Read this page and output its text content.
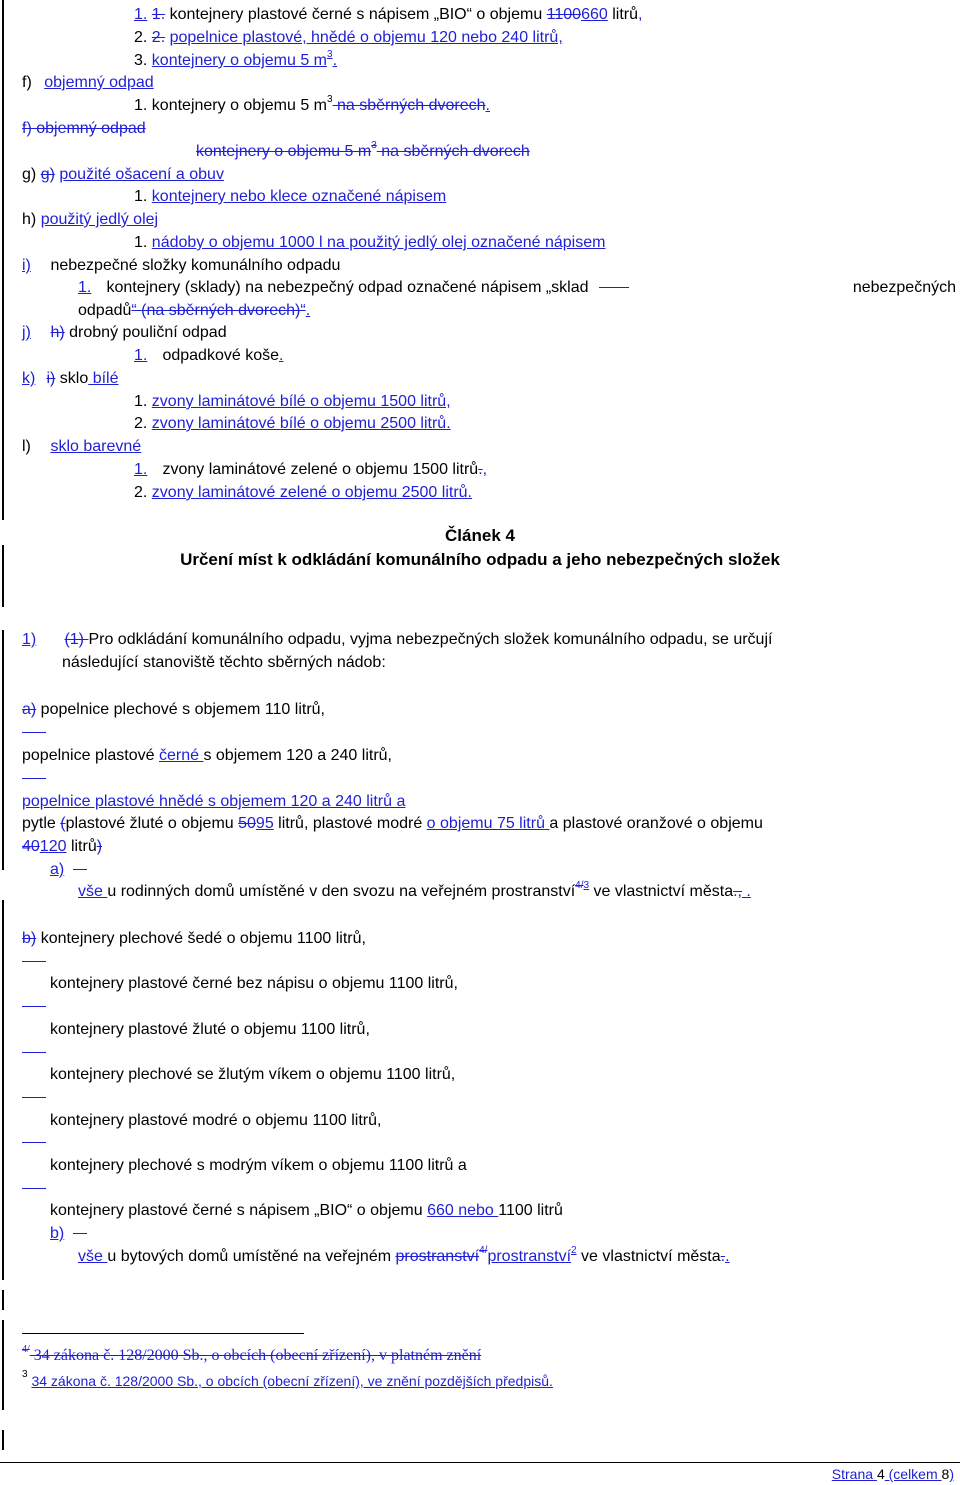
1. 1. kontejnery plastové černé s nápisem „BIO“ o objemu 1100660 litrů,
2. 2. popelnice plastové, hnědé o objemu 120 nebo 240 litrů,
3. kontejnery o objemu 5 $m^3$.
f) objemný odpad
1. kontejnery o objemu 5 $m^3$ na sběrných dvorech.
f) objemný odpad
kontejnery o objemu 5 $m^3$ na sběrných dvorech
g) g) použité ošacení a obuv
1. kontejnery nebo klece označené nápisem
h) použitý jedlý olej
1. nádoby o objemu 1000 l na použitý jedlý olej označené nápisem
i) nebezpečné složky komunálního odpadu
1. kontejnery (sklady) na nebezpečný odpad označené nápisem „sklad	nebezpečných
odpadů“ (na sběrných dvorech)“.
j) h) drobný pouliční odpad
1. odpadkové koše.
k) i) sklo bílé
1. zvony laminátové bílé o objemu 1500 litrů,
2. zvony laminátové bílé o objemu 2500 litrů.
l) sklo barevné
1. zvony laminátové zelené o objemu 1500 litrů.,
2. zvony laminátové zelené o objemu 2500 litrů.
Článek 4
Určení míst k odkládání komunálního odpadu a jeho nebezpečných složek
1) (1) Pro odkládání komunálního odpadu, vyjma nebezpečných složek komunálního odpadu, se určují
následující stanoviště těchto sběrných nádob:
a) popelnice plechové s objemem 110 litrů,
popelnice plastové černé s objemem 120 a 240 litrů,
popelnice plastové hnědé s objemem 120 a 240 litrů a
pytle (plastové žluté o objemu 5095 litrů, plastové modré o objemu 75 litrů a plastové oranžové o objemu
40120 litrů)
a)
vše u rodinných domů umístěné v den svozu na veřejném prostranství$^{4/3}$ ve vlastnictví města., .
b) kontejnery plechové šedé o objemu 1100 litrů,
kontejnery plastové černé bez nápisu o objemu 1100 litrů,
kontejnery plastové žluté o objemu 1100 litrů,
kontejnery plechové se žlutým víkem o objemu 1100 litrů,
kontejnery plastové modré o objemu 1100 litrů,
kontejnery plechové s modrým víkem o objemu 1100 litrů a
kontejnery plastové černé s nápisem „BIO“ o objemu 660 nebo 1100 litrů
b)
vše u bytových domů umístěné na veřejném prostranství$^{4/}$prostranství$^2$ ve vlastnictví města..
$^{4/}$ 34 zákona č. 128/2000 Sb., o obcích (obecní zřízení), v platném znění
$^3$ 34 zákona č. 128/2000 Sb., o obcích (obecní zřízení), ve znění pozdějších předpisů.
Strana 4 (celkem 8)
